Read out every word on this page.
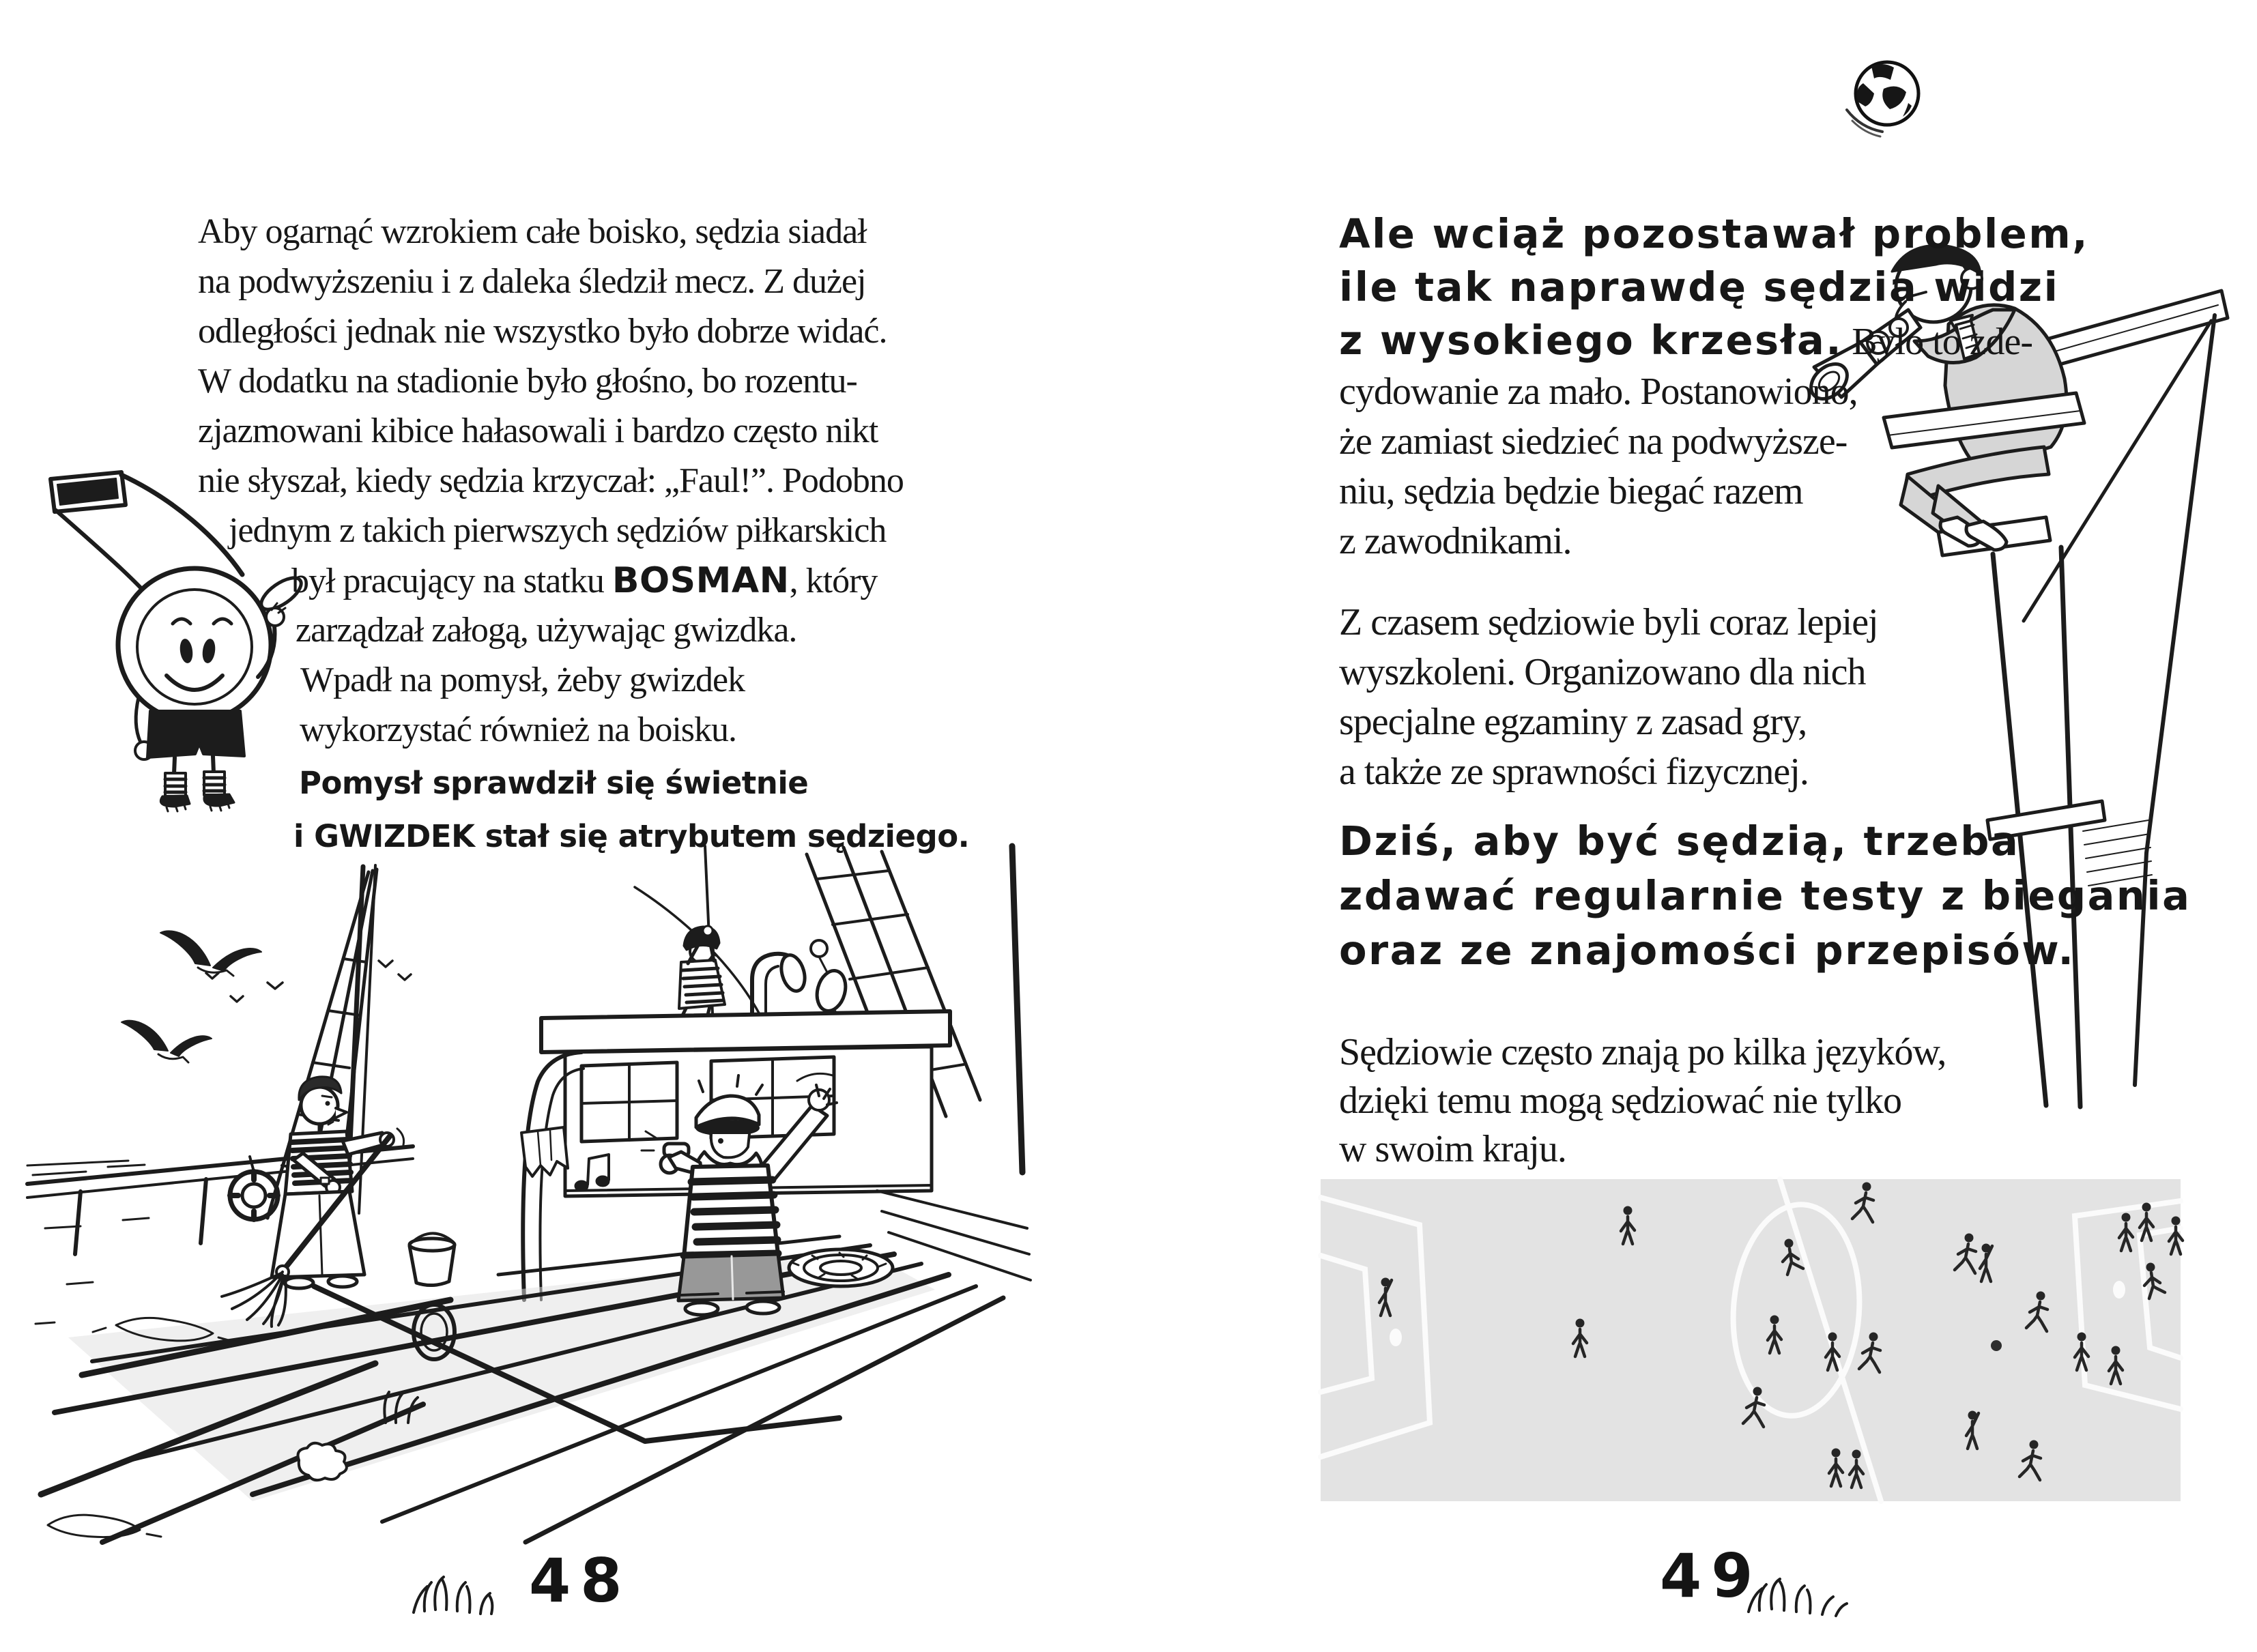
Aby ogarnąć wzrokiem całe boisko, sędzia siadał
na podwyższeniu i z daleka śledził mecz. Z dużej
odległości jednak nie wszystko było dobrze widać.
W dodatku na stadionie było głośno, bo rozentu-
zjazmowani kibice hałasowali i bardzo często nikt
nie słyszał, kiedy sędzia krzyczał: „Faul!”. Podobno
jednym z takich pierwszych sędziów piłkarskich
był pracujący na statku BOSMAN, który
zarządzał załogą, używając gwizdka.
Wpadł na pomysł, żeby gwizdek
wykorzystać również na boisku.
Pomysł sprawdził się świetnie
i GWIZDEK stał się atrybutem sędziego.
Ale wciąż pozostawał problem,
ile tak naprawdę sędzia widzi
z wysokiego krzesła. Było to zde-
cydowanie za mało. Postanowiono,
że zamiast siedzieć na podwyższe-
niu, sędzia będzie biegać razem
z zawodnikami.
Z czasem sędziowie byli coraz lepiej
wyszkoleni. Organizowano dla nich
specjalne egzaminy z zasad gry,
a także ze sprawności fizycznej.
Dziś, aby być sędzią, trzeba
zdawać regularnie testy z biegania
oraz ze znajomości przepisów.
Sędziowie często znają po kilka języków,
dzięki temu mogą sędziować nie tylko
w swoim kraju.
48	49
